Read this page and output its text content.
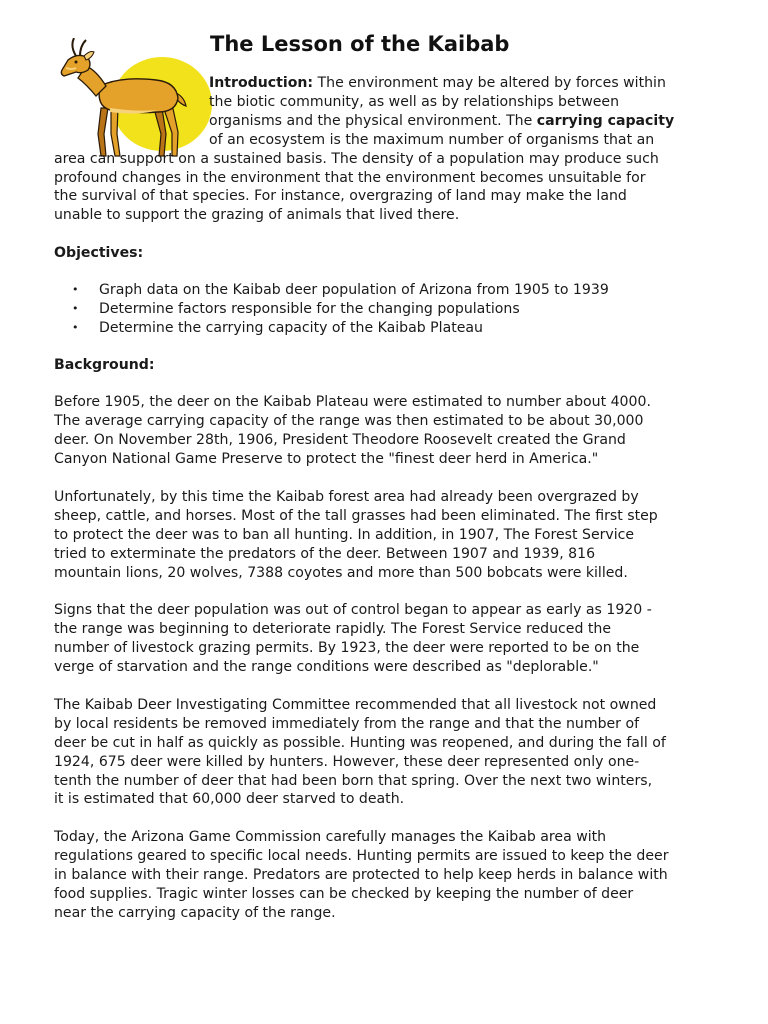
The Lesson of the Kaibab
Introduction: The environment may be altered by forces within
the biotic community, as well as by relationships between
organisms and the physical environment. The carrying capacity
of an ecosystem is the maximum number of organisms that an
area can support on a sustained basis. The density of a population may produce such
profound changes in the environment that the environment becomes unsuitable for
the survival of that species. For instance, overgrazing of land may make the land
unable to support the grazing of animals that lived there.
Objectives:
• Graph data on the Kaibab deer population of Arizona from 1905 to 1939
• Determine factors responsible for the changing populations
• Determine the carrying capacity of the Kaibab Plateau
Background:
Before 1905, the deer on the Kaibab Plateau were estimated to number about 4000.
The average carrying capacity of the range was then estimated to be about 30,000
deer. On November 28th, 1906, President Theodore Roosevelt created the Grand
Canyon National Game Preserve to protect the "finest deer herd in America."
Unfortunately, by this time the Kaibab forest area had already been overgrazed by
sheep, cattle, and horses. Most of the tall grasses had been eliminated. The first step
to protect the deer was to ban all hunting. In addition, in 1907, The Forest Service
tried to exterminate the predators of the deer. Between 1907 and 1939, 816
mountain lions, 20 wolves, 7388 coyotes and more than 500 bobcats were killed.
Signs that the deer population was out of control began to appear as early as 1920 -
the range was beginning to deteriorate rapidly. The Forest Service reduced the
number of livestock grazing permits. By 1923, the deer were reported to be on the
verge of starvation and the range conditions were described as "deplorable."
The Kaibab Deer Investigating Committee recommended that all livestock not owned
by local residents be removed immediately from the range and that the number of
deer be cut in half as quickly as possible. Hunting was reopened, and during the fall of
1924, 675 deer were killed by hunters. However, these deer represented only one-
tenth the number of deer that had been born that spring. Over the next two winters,
it is estimated that 60,000 deer starved to death.
Today, the Arizona Game Commission carefully manages the Kaibab area with
regulations geared to specific local needs. Hunting permits are issued to keep the deer
in balance with their range. Predators are protected to help keep herds in balance with
food supplies. Tragic winter losses can be checked by keeping the number of deer
near the carrying capacity of the range.
